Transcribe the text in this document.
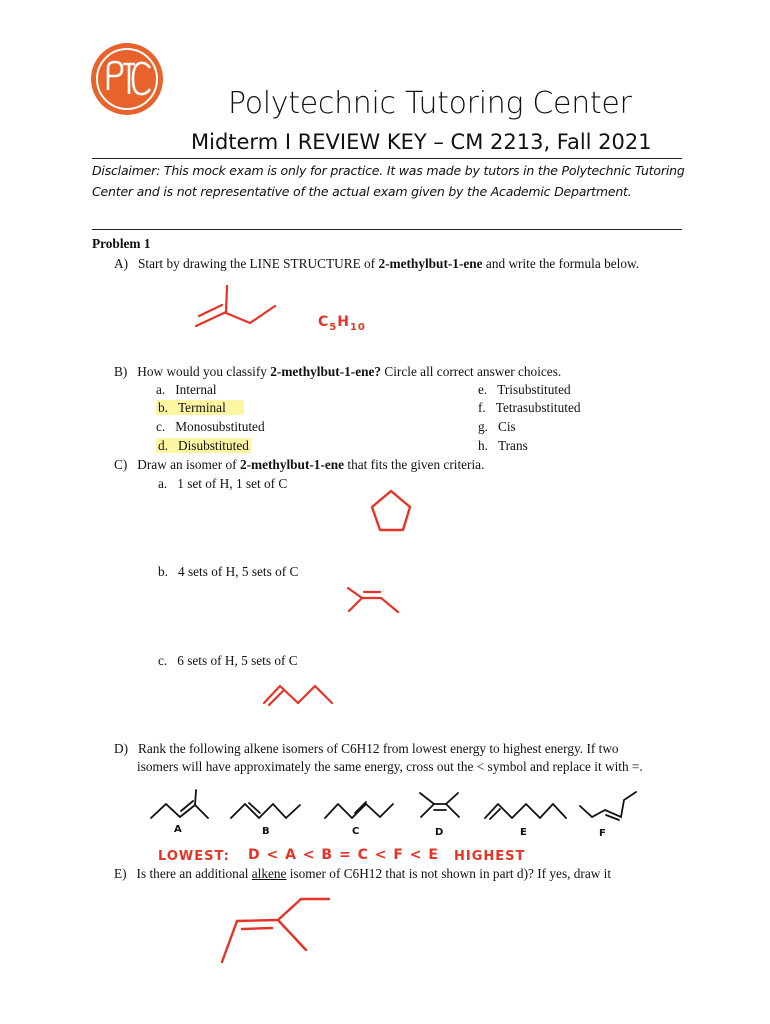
Polytechnic Tutoring Center
Midterm I REVIEW KEY – CM 2213, Fall 2021
Disclaimer: This mock exam is only for practice. It was made by tutors in the Polytechnic Tutoring Center and is not representative of the actual exam given by the Academic Department.
Problem 1
A) Start by drawing the LINE STRUCTURE of 2-methylbut-1-ene and write the formula below.
$C_5H_{10}$
B) How would you classify 2-methylbut-1-ene? Circle all correct answer choices.
a. Internal
b. Terminal
c. Monosubstituted
d. Disubstituted
e. Trisubstituted
f. Tetrasubstituted
g. Cis
h. Trans
C) Draw an isomer of 2-methylbut-1-ene that fits the given criteria.
a. 1 set of H, 1 set of C
b. 4 sets of H, 5 sets of C
c. 6 sets of H, 5 sets of C
D) Rank the following alkene isomers of C6H12 from lowest energy to highest energy. If two
isomers will have approximately the same energy, cross out the < symbol and replace it with =.
A	B	C	D	E	F
LOWEST: D < A < B = C < F < E HIGHEST
E) Is there an additional alkene isomer of C6H12 that is not shown in part d)? If yes, draw it
